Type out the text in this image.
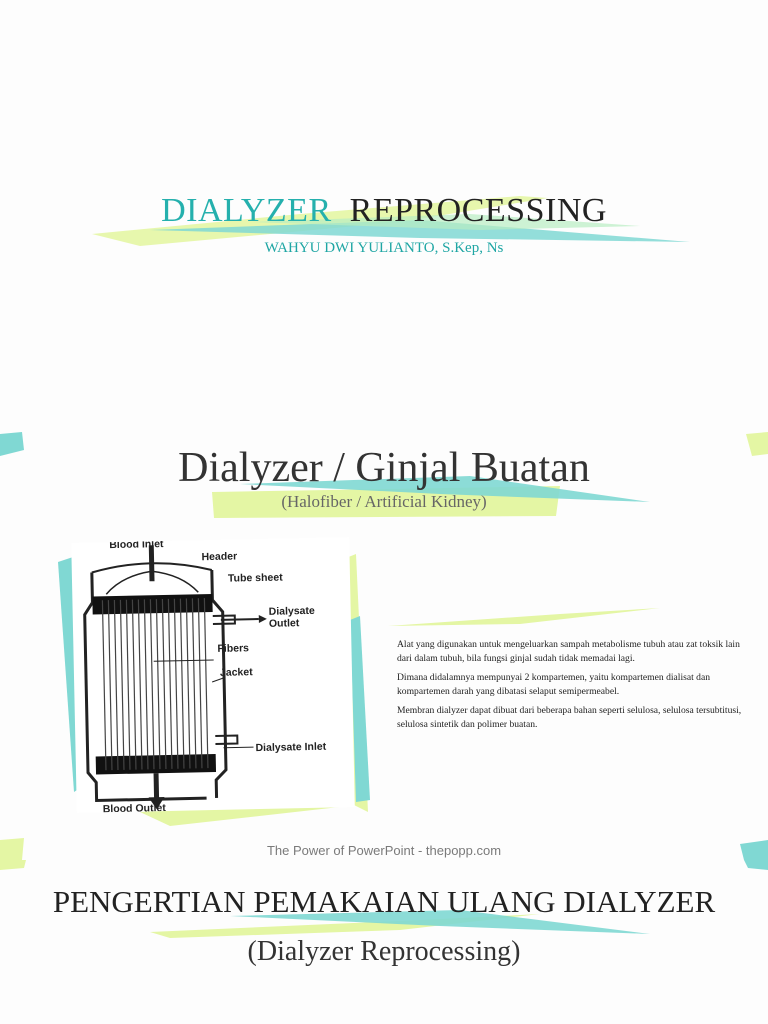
DIALYZER REPROCESSING
WAHYU DWI YULIANTO, S.Kep, Ns
Dialyzer / Ginjal Buatan
(Halofiber / Artificial Kidney)
Blood Inlet
Header
Tube sheet
Dialysate
Outlet
Fibers
Jacket
Dialysate Inlet
Blood Outlet

Alat yang digunakan untuk mengeluarkan sampah metabolisme tubuh atau zat toksik lain dari dalam tubuh, bila fungsi ginjal sudah tidak memadai lagi.

Dimana didalamnya mempunyai 2 kompartemen, yaitu kompartemen dialisat dan kompartemen darah yang dibatasi selaput semipermeabel.

Membran dialyzer dapat dibuat dari beberapa bahan seperti selulosa, selulosa tersubtitusi, selulosa sintetik dan polimer buatan.

The Power of PowerPoint - thepopp.com
PENGERTIAN PEMAKAIAN ULANG DIALYZER
(Dialyzer Reprocessing)
